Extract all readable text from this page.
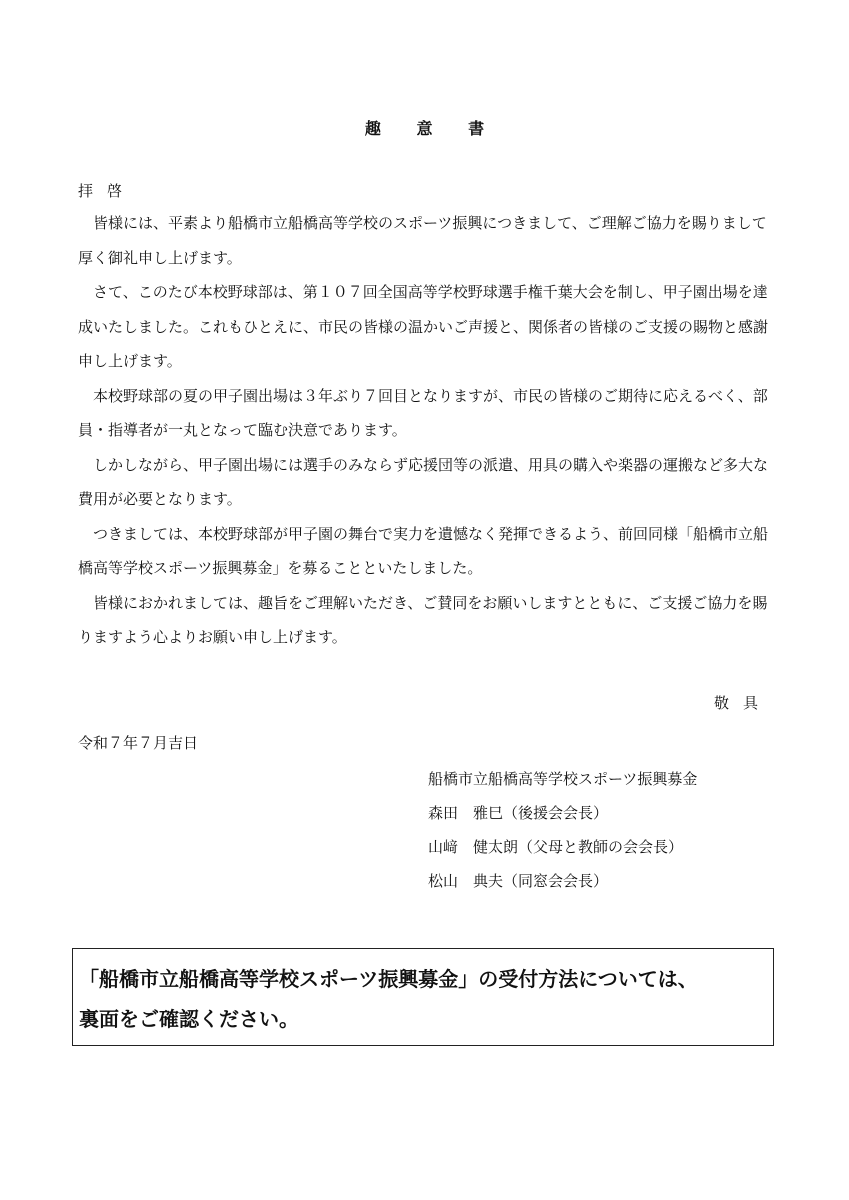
趣 意 書
拝 啓

皆様には、平素より船橋市立船橋高等学校のスポーツ振興につきまして、ご理解ご協力を賜りまして厚く御礼申し上げます。

さて、このたび本校野球部は、第１０７回全国高等学校野球選手権千葉大会を制し、甲子園出場を達成いたしました。これもひとえに、市民の皆様の温かいご声援と、関係者の皆様のご支援の賜物と感謝申し上げます。

本校野球部の夏の甲子園出場は３年ぶり７回目となりますが、市民の皆様のご期待に応えるべく、部員・指導者が一丸となって臨む決意であります。

しかしながら、甲子園出場には選手のみならず応援団等の派遣、用具の購入や楽器の運搬など多大な費用が必要となります。

つきましては、本校野球部が甲子園の舞台で実力を遺憾なく発揮できるよう、前回同様「船橋市立船橋高等学校スポーツ振興募金」を募ることといたしました。

皆様におかれましては、趣旨をご理解いただき、ご賛同をお願いしますとともに、ご支援ご協力を賜りますよう心よりお願い申し上げます。

敬 具
令和７年７月吉日
船橋市立船橋高等学校スポーツ振興募金
森田　雅巳（後援会会長）
山﨑　健太朗（父母と教師の会会長）
松山　典夫（同窓会会長）
「船橋市立船橋高等学校スポーツ振興募金」の受付方法については、
裏面をご確認ください。
